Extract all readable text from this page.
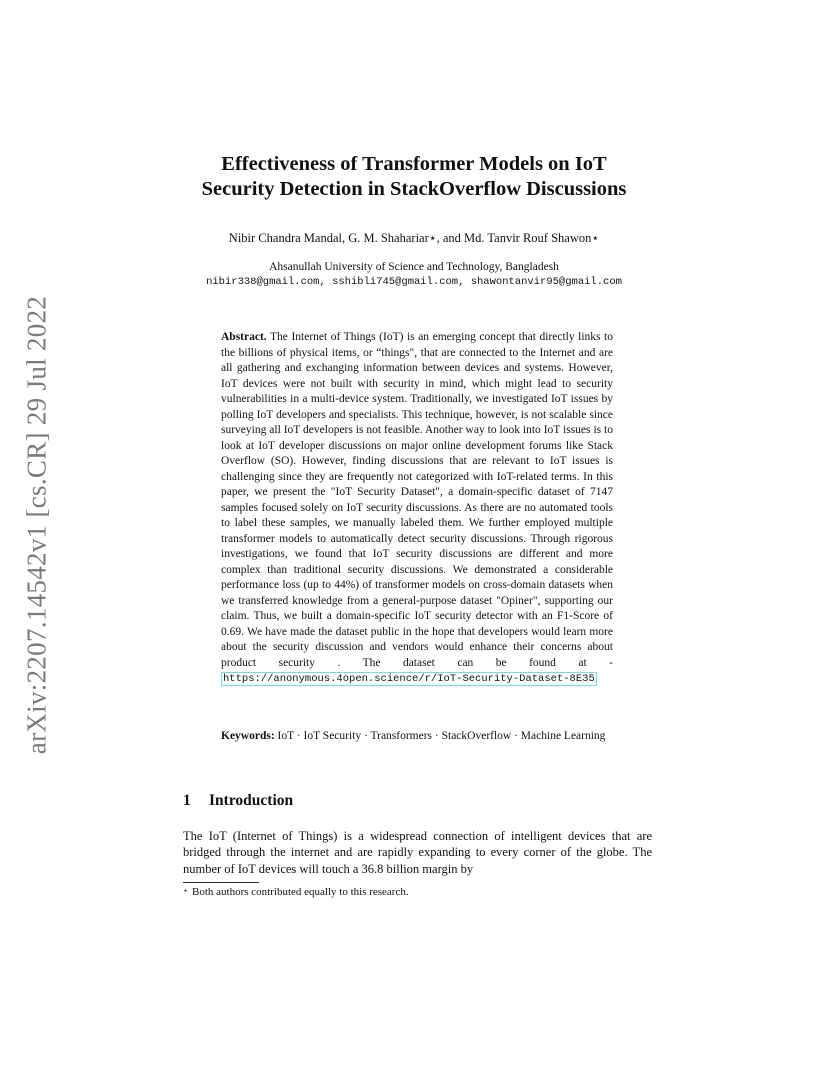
arXiv:2207.14542v1 [cs.CR] 29 Jul 2022
Effectiveness of Transformer Models on IoT
Security Detection in StackOverflow Discussions
Nibir Chandra Mandal, G. M. Shahariar⋆, and Md. Tanvir Rouf Shawon⋆
Ahsanullah University of Science and Technology, Bangladesh
nibir338@gmail.com, sshibli745@gmail.com, shawontanvir95@gmail.com
Abstract. The Internet of Things (IoT) is an emerging concept that directly links to the billions of physical items, or “things", that are connected to the Internet and are all gathering and exchanging information between devices and systems. However, IoT devices were not built with security in mind, which might lead to security vulnerabilities in a multi-device system. Traditionally, we investigated IoT issues by polling IoT developers and specialists. This technique, however, is not scalable since surveying all IoT developers is not feasible. Another way to look into IoT issues is to look at IoT developer discussions on major online development forums like Stack Overflow (SO). However, finding discussions that are relevant to IoT issues is challenging since they are frequently not categorized with IoT-related terms. In this paper, we present the "IoT Security Dataset", a domain-specific dataset of 7147 samples focused solely on IoT security discussions. As there are no automated tools to label these samples, we manually labeled them. We further employed multiple transformer models to automatically detect security discussions. Through rigorous investigations, we found that IoT security discussions are different and more complex than traditional security discussions. We demonstrated a considerable performance loss (up to 44%) of transformer models on cross-domain datasets when we transferred knowledge from a general-purpose dataset "Opiner", supporting our claim. Thus, we built a domain-specific IoT security detector with an F1-Score of 0.69. We have made the dataset public in the hope that developers would learn more about the security discussion and vendors would enhance their concerns about product security . The dataset can be found at - https://anonymous.4open.science/r/IoT-Security-Dataset-8E35
Keywords: IoT · IoT Security · Transformers · StackOverflow · Machine Learning
1 Introduction
The IoT (Internet of Things) is a widespread connection of intelligent devices that are bridged through the internet and are rapidly expanding to every corner of the globe. The number of IoT devices will touch a 36.8 billion margin by
⋆ Both authors contributed equally to this research.
